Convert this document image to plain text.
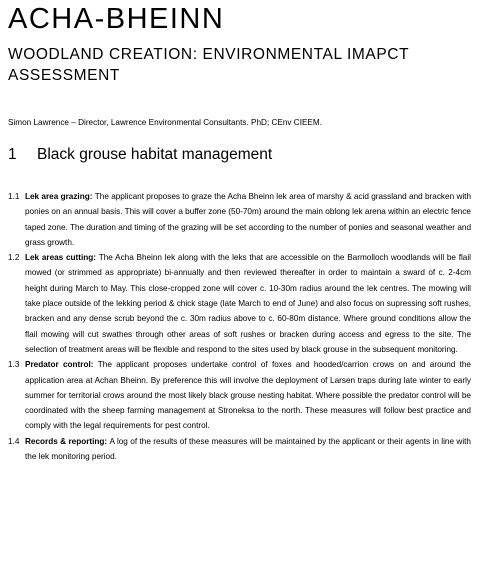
ACHA-BHEINN
WOODLAND CREATION: ENVIRONMENTAL IMAPCT ASSESSMENT
Simon Lawrence – Director, Lawrence Environmental Consultants. PhD; CEnv CIEEM.
1 Black grouse habitat management
1.1 Lek area grazing: The applicant proposes to graze the Acha Bheinn lek area of marshy & acid grassland and bracken with ponies on an annual basis. This will cover a buffer zone (50-70m) around the main oblong lek arena within an electric fence taped zone. The duration and timing of the grazing will be set according to the number of ponies and seasonal weather and grass growth.
1.2 Lek areas cutting: The Acha Bheinn lek along with the leks that are accessible on the Barmolloch woodlands will be flail mowed (or strimmed as appropriate) bi-annually and then reviewed thereafter in order to maintain a sward of c. 2-4cm height during March to May. This close-cropped zone will cover c. 10-30m radius around the lek centres. The mowing will take place outside of the lekking period & chick stage (late March to end of June) and also focus on supressing soft rushes, bracken and any dense scrub beyond the c. 30m radius above to c. 60-80m distance. Where ground conditions allow the flail mowing will cut swathes through other areas of soft rushes or bracken during access and egress to the site. The selection of treatment areas will be flexible and respond to the sites used by black grouse in the subsequent monitoring.
1.3 Predator control: The applicant proposes undertake control of foxes and hooded/carrion crows on and around the application area at Achan Bheinn. By preference this will involve the deployment of Larsen traps during late winter to early summer for territorial crows around the most likely black grouse nesting habitat. Where possible the predator control will be coordinated with the sheep farming management at Stroneksa to the north. These measures will follow best practice and comply with the legal requirements for pest control.
1.4 Records & reporting: A log of the results of these measures will be maintained by the applicant or their agents in line with the lek monitoring period.
